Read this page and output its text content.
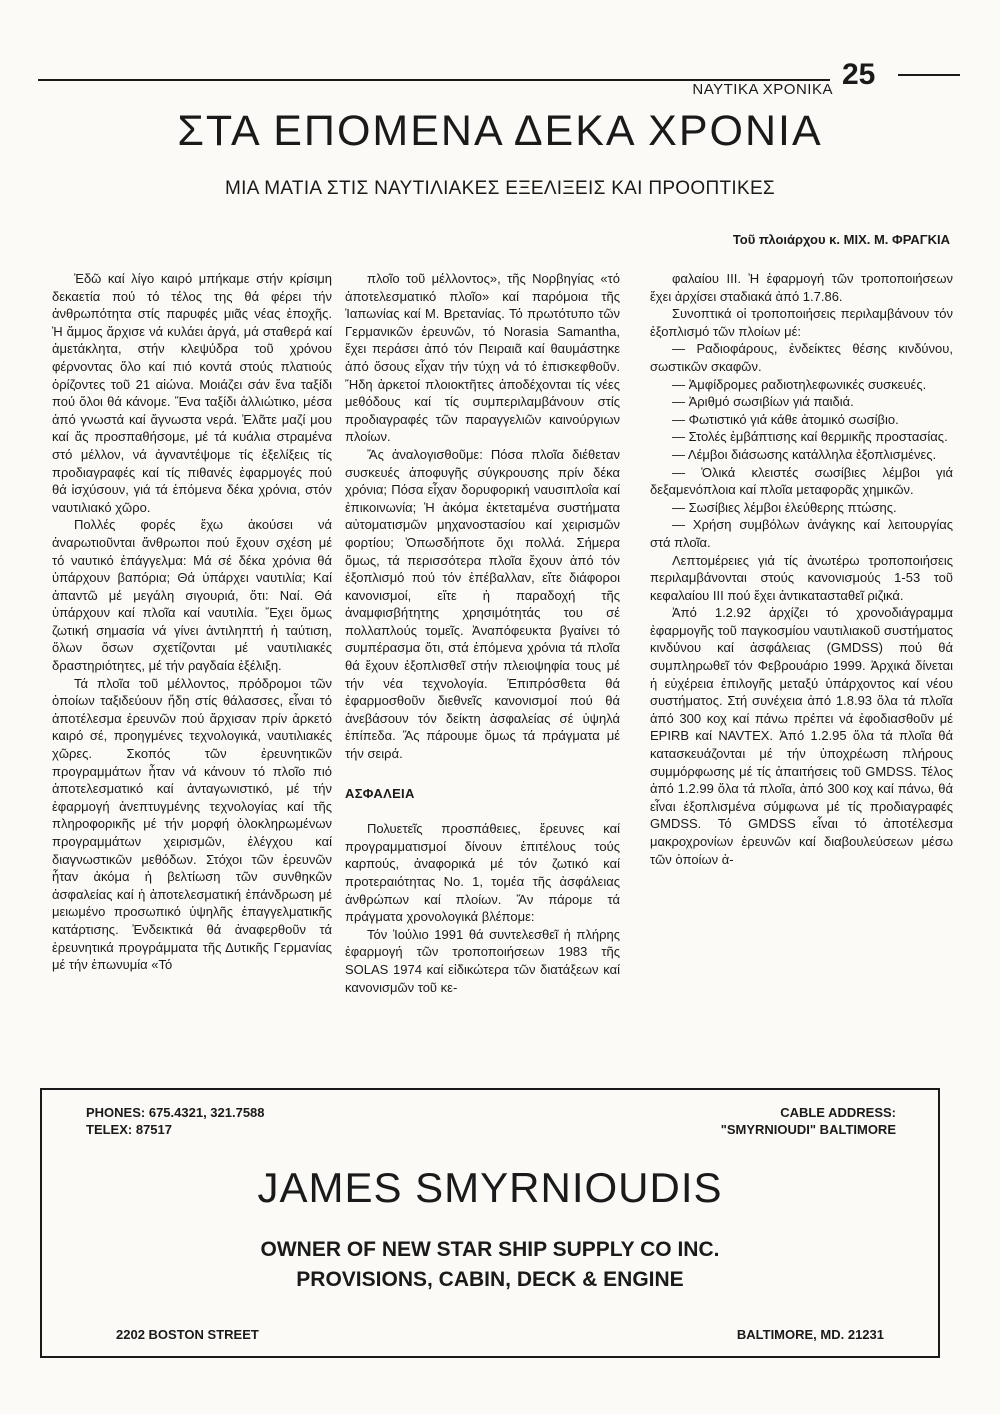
ΝΑΥΤΙΚΑ ΧΡΟΝΙΚΑ 25
ΣΤΑ ΕΠΟΜΕΝΑ ΔΕΚΑ ΧΡΟΝΙΑ
ΜΙΑ ΜΑΤΙΑ ΣΤΙΣ ΝΑΥΤΙΛΙΑΚΕΣ ΕΞΕΛΙΞΕΙΣ ΚΑΙ ΠΡΟΟΠΤΙΚΕΣ
Τοῦ πλοιάρχου κ. ΜΙΧ. Μ. ΦΡΑΓΚΙΑ

Ἐδῶ καί λίγο καιρό μπήκαμε στήν κρίσιμη δεκαετία πού τό τέλος της θά φέρει τήν ἀνθρωπότητα στίς παρυφές μιᾶς νέας ἐποχῆς. Ἡ ἄμμος ἄρχισε νά κυλάει ἀργά, μά σταθερά καί ἀμετάκλητα, στήν κλεψύδρα τοῦ χρόνου φέρνοντας ὅλο καί πιό κοντά στούς πλατιούς ὁρίζοντες τοῦ 21 αἰώνα. Μοιάζει σάν ἕνα ταξίδι πού ὅλοι θά κάνομε. Ἕνα ταξίδι ἀλλιώτικο, μέσα ἀπό γνωστά καί ἄγνωστα νερά. Ἐλᾶτε μαζί μου καί ἄς προσπαθήσομε, μέ τά κυάλια στραμένα στό μέλλον, νά ἀγναντέψομε τίς ἐξελίξεις τίς προδιαγραφές καί τίς πιθανές ἐφαρμογές πού θά ἰσχύσουν, γιά τά ἑπόμενα δέκα χρόνια, στόν ναυτιλιακό χῶρο.

Πολλές φορές ἔχω ἀκούσει νά ἀναρωτιοῦνται ἄνθρωποι πού ἔχουν σχέση μέ τό ναυτικό ἐπάγγελμα: Μά σέ δέκα χρόνια θά ὑπάρχουν βαπόρια; Θά ὑπάρχει ναυτιλία; Καί ἀπαντῶ μέ μεγάλη σιγουριά, ὅτι: Ναί. Θά ὑπάρχουν καί πλοῖα καί ναυτιλία. Ἔχει ὅμως ζωτική σημασία νά γίνει ἀντιληπτή ἡ ταύτιση, ὅλων ὅσων σχετίζονται μέ ναυτιλιακές δραστηριότητες, μέ τήν ραγδαία ἐξέλιξη.

Τά πλοῖα τοῦ μέλλοντος, πρόδρομοι τῶν ὁποίων ταξιδεύουν ἤδη στίς θάλασσες, εἶναι τό ἀποτέλεσμα ἐρευνῶν πού ἄρχισαν πρίν ἀρκετό καιρό σέ, προηγμένες τεχνολογικά, ναυτιλιακές χῶρες. Σκοπός τῶν ἐρευνητικῶν προγραμμάτων ἦταν νά κάνουν τό πλοῖο πιό ἀποτελεσματικό καί ἀνταγωνιστικό, μέ τήν ἐφαρμογή ἀνεπτυγμένης τεχνολογίας καί τῆς πληροφορικῆς μέ τήν μορφή ὁλοκληρωμένων προγραμμάτων χειρισμῶν, ἐλέγχου καί διαγνωστικῶν μεθόδων. Στόχοι τῶν ἐρευνῶν ἦταν ἀκόμα ἡ βελτίωση τῶν συνθηκῶν ἀσφαλείας καί ἡ ἀποτελεσματική ἐπάνδρωση μέ μειωμένο προσωπικό ὑψηλῆς ἐπαγγελματικῆς κατάρτισης. Ἐνδεικτικά θά ἀναφερθοῦν τά ἐρευνητικά προγράμματα τῆς Δυτικῆς Γερμανίας μέ τήν ἐπωνυμία «Τό

πλοῖο τοῦ μέλλοντος», τῆς Νορβηγίας «τό ἀποτελεσματικό πλοῖο» καί παρόμοια τῆς Ἰαπωνίας καί Μ. Βρετανίας. Τό πρωτότυπο τῶν Γερμανικῶν ἐρευνῶν, τό Norasia Samantha, ἔχει περάσει ἀπό τόν Πειραιᾶ καί θαυμάστηκε ἀπό ὅσους εἶχαν τήν τύχη νά τό ἐπισκεφθοῦν. Ἤδη ἀρκετοί πλοιοκτῆτες ἀποδέχονται τίς νέες μεθόδους καί τίς συμπεριλαμβάνουν στίς προδιαγραφές τῶν παραγγελιῶν καινούργιων πλοίων.

Ἄς ἀναλογισθοῦμε: Πόσα πλοῖα διέθεταν συσκευές ἀποφυγῆς σύγκρουσης πρίν δέκα χρόνια; Πόσα εἶχαν δορυφορική ναυσιπλοΐα καί ἐπικοινωνία; Ἡ ἀκόμα ἐκτεταμένα συστήματα αὐτοματισμῶν μηχανοστασίου καί χειρισμῶν φορτίου; Ὁπωσδήποτε ὄχι πολλά. Σήμερα ὅμως, τά περισσότερα πλοῖα ἔχουν ἀπό τόν ἐξοπλισμό πού τόν ἐπέβαλλαν, εἴτε διάφοροι κανονισμοί, εἴτε ἡ παραδοχή τῆς ἀναμφισβήτητης χρησιμότητάς του σέ πολλαπλούς τομεῖς. Ἀναπόφευκτα βγαίνει τό συμπέρασμα ὅτι, στά ἑπόμενα χρόνια τά πλοῖα θά ἔχουν ἐξοπλισθεῖ στήν πλειοψηφία τους μέ τήν νέα τεχνολογία. Ἐπιπρόσθετα θά ἐφαρμοσθοῦν διεθνεῖς κανονισμοί πού θά ἀνεβάσουν τόν δείκτη ἀσφαλείας σέ ὑψηλά ἐπίπεδα. Ἄς πάρουμε ὅμως τά πράγματα μέ τήν σειρά.

ΑΣΦΑΛΕΙΑ

Πολυετεῖς προσπάθειες, ἔρευνες καί προγραμματισμοί δίνουν ἐπιτέλους τούς καρπούς, ἀναφορικά μέ τόν ζωτικό καί προτεραιότητας No. 1, τομέα τῆς ἀσφάλειας ἀνθρώπων καί πλοίων. Ἄν πάρομε τά πράγματα χρονολογικά βλέπομε:

Τόν Ἰούλιο 1991 θά συντελεσθεῖ ἡ πλήρης ἐφαρμογή τῶν τροποποιήσεων 1983 τῆς SOLAS 1974 καί εἰδικώτερα τῶν διατάξεων καί κανονισμῶν τοῦ κε-

φαλαίου ΙΙΙ. Ἡ ἐφαρμογή τῶν τροποποιήσεων ἔχει ἀρχίσει σταδιακά ἀπό 1.7.86.

Συνοπτικά οἱ τροποποιήσεις περιλαμβάνουν τόν ἐξοπλισμό τῶν πλοίων μέ:

— Ραδιοφάρους, ἐνδείκτες θέσης κινδύνου, σωστικῶν σκαφῶν.

— Ἀμφίδρομες ραδιοτηλεφωνικές συσκευές.

— Ἀριθμό σωσιβίων γιά παιδιά.

— Φωτιστικό γιά κάθε ἀτομικό σωσίβιο.

— Στολές ἐμβάπτισης καί θερμικῆς προστασίας.

— Λέμβοι διάσωσης κατάλληλα ἐξοπλισμένες.

— Ὁλικά κλειστές σωσίβιες λέμβοι γιά δεξαμενόπλοια καί πλοῖα μεταφορᾶς χημικῶν.

— Σωσίβιες λέμβοι ἐλεύθερης πτώσης.

— Χρήση συμβόλων ἀνάγκης καί λειτουργίας στά πλοῖα.

Λεπτομέρειες γιά τίς ἀνωτέρω τροποποιήσεις περιλαμβάνονται στούς κανονισμούς 1-53 τοῦ κεφαλαίου ΙΙΙ πού ἔχει ἀντικατασταθεῖ ριζικά.

Ἀπό 1.2.92 ἀρχίζει τό χρονοδιάγραμμα ἐφαρμογῆς τοῦ παγκοσμίου ναυτιλιακοῦ συστήματος κινδύνου καί ἀσφάλειας (GMDSS) πού θά συμπληρωθεῖ τόν Φεβρουάριο 1999. Ἀρχικά δίνεται ἡ εὐχέρεια ἐπιλογῆς μεταξύ ὑπάρχοντος καί νέου συστήματος. Στή συνέχεια ἀπό 1.8.93 ὅλα τά πλοῖα ἀπό 300 κοχ καί πάνω πρέπει νά ἐφοδιασθοῦν μέ EPIRB καί NAVTEX. Ἀπό 1.2.95 ὅλα τά πλοῖα θά κατασκευάζονται μέ τήν ὑποχρέωση πλήρους συμμόρφωσης μέ τίς ἀπαιτήσεις τοῦ GMDSS. Τέλος ἀπό 1.2.99 ὅλα τά πλοῖα, ἀπό 300 κοχ καί πάνω, θά εἶναι ἐξοπλισμένα σύμφωνα μέ τίς προδιαγραφές GMDSS. Τό GMDSS εἶναι τό ἀποτέλεσμα μακροχρονίων ἐρευνῶν καί διαβουλεύσεων μέσω τῶν ὁποίων ἀ-

PHONES: 675.4321, 321.7588
TELEX: 87517
CABLE ADDRESS:
"SMYRNIOUDI" BALTIMORE
JAMES SMYRNIOUDIS
OWNER OF NEW STAR SHIP SUPPLY CO INC.
PROVISIONS, CABIN, DECK & ENGINE
2202 BOSTON STREET	BALTIMORE, MD. 21231
